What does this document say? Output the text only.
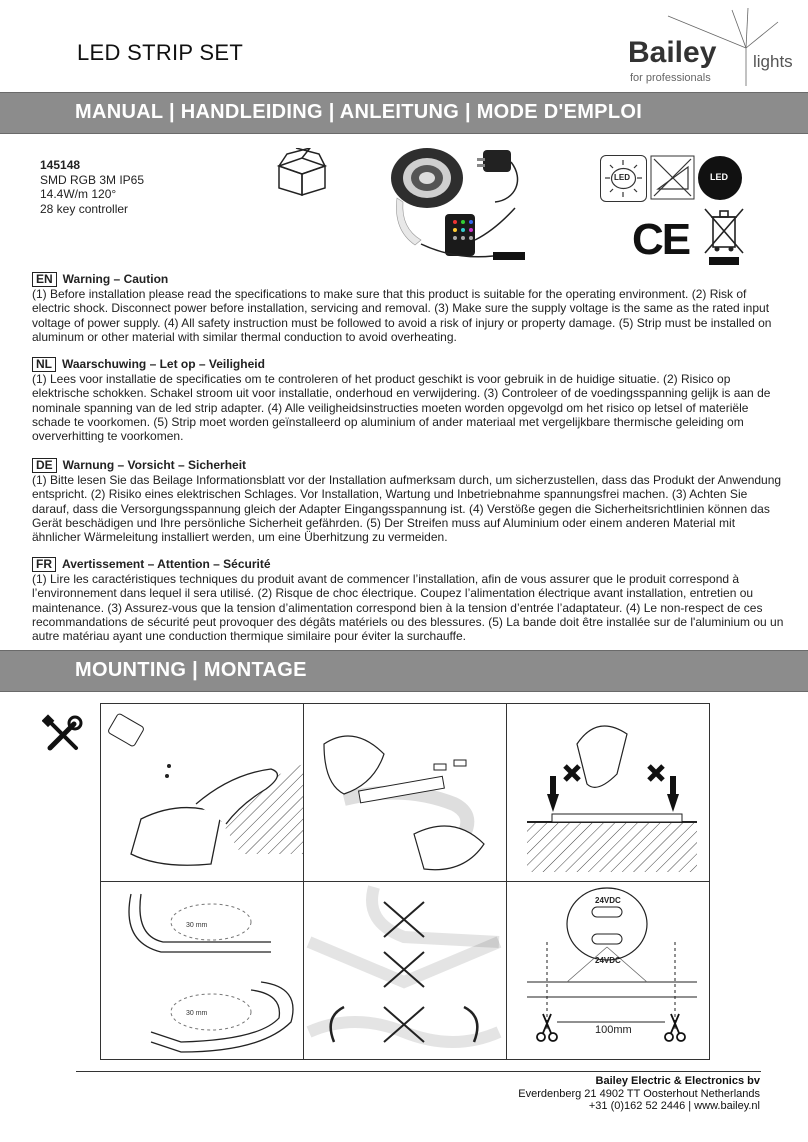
LED STRIP SET	Bailey
for professionals
lights
MANUAL | HANDLEIDING | ANLEITUNG | MODE D'EMPLOI
145148
SMD RGB 3M IP65
14.4W/m 120°
28 key controller
LED	LED
CE
EN Warning – Caution

(1) Before installation please read the specifications to make sure that this product is suitable for the operating environment. (2) Risk of electric shock. Disconnect power before installation, servicing and removal. (3) Make sure the supply voltage is the same as the rated input voltage of power supply. (4) All safety instruction must be followed to avoid a risk of injury or property damage. (5) Strip must be installed on aluminum or other material with similar thermal conduction to avoid overheating.

NL Waarschuwing – Let op – Veiligheid

(1) Lees voor installatie de specificaties om te controleren of het product geschikt is voor gebruik in de huidige situatie. (2) Risico op elektrische schokken. Schakel stroom uit voor installatie, onderhoud en verwijdering. (3) Controleer of de voedingsspanning gelijk is aan de nominale spanning van de led strip adapter. (4) Alle veiligheidsinstructies moeten worden opgevolgd om het risico op letsel of materiële schade te voorkomen. (5) Strip moet worden geïnstalleerd op aluminium of ander materiaal met vergelijkbare thermische geleiding om oververhitting te voorkomen.

DE Warnung – Vorsicht – Sicherheit

(1) Bitte lesen Sie das Beilage Informationsblatt vor der Installation aufmerksam durch, um sicherzustellen, dass das Produkt der Anwendung entspricht. (2) Risiko eines elektrischen Schlages. Vor Installation, Wartung und Inbetriebnahme spannungsfrei machen. (3) Achten Sie darauf, dass die Versorgungsspannung gleich der Adapter Eingangsspannung ist. (4) Verstöße gegen die Sicherheitsrichtlinien können das Gerät beschädigen und Ihre persönliche Sicherheit gefährden. (5) Der Streifen muss auf Aluminium oder einem anderen Material mit ähnlicher Wärmeleitung installiert werden, um eine Überhitzung zu vermeiden.

FR Avertissement – Attention – Sécurité

(1) Lire les caractéristiques techniques du produit avant de commencer l’installation, afin de vous assurer que le produit correspond à l’environnement dans lequel il sera utilisé. (2) Risque de choc électrique. Coupez l’alimentation électrique avant installation, entretien ou maintenance. (3) Assurez-vous que la tension d’alimentation correspond bien à la tension d’entrée l’adaptateur. (4) Le non-respect de ces recommandations de sécurité peut provoquer des dégâts matériels ou des blessures. (5) La bande doit être installée sur de l'aluminium ou un autre matériau ayant une conduction thermique similaire pour éviter la surchauffe.

MOUNTING | MONTAGE
30 mm
30 mm
24VDC
24VDC
100mm
Bailey Electric & Electronics bv
Everdenberg 21 4902 TT Oosterhout Netherlands
+31 (0)162 52 2446 | www.bailey.nl
